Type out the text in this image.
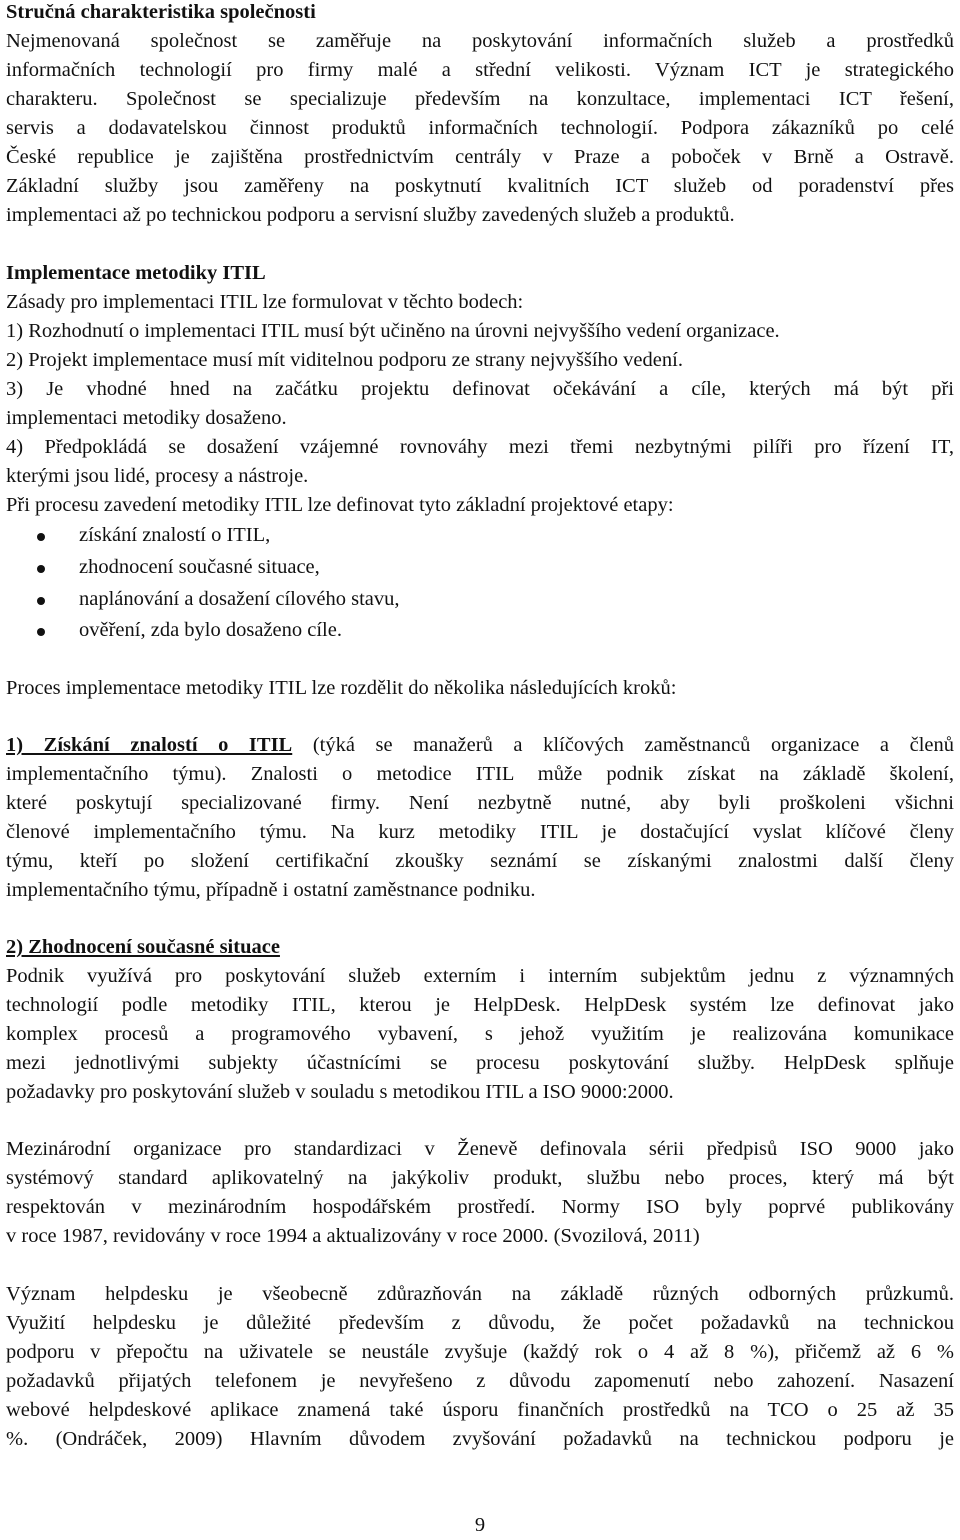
Stručná charakteristika společnosti
Nejmenovaná společnost se zaměřuje na poskytování informačních služeb a prostředků
informačních technologií pro firmy malé a střední velikosti. Význam ICT je strategického
charakteru. Společnost se specializuje především na konzultace, implementaci ICT řešení,
servis a dodavatelskou činnost produktů informačních technologií. Podpora zákazníků po celé
České republice je zajištěna prostřednictvím centrály v Praze a poboček v Brně a Ostravě.
Základní služby jsou zaměřeny na poskytnutí kvalitních ICT služeb od poradenství přes
implementaci až po technickou podporu a servisní služby zavedených služeb a produktů.
Implementace metodiky ITIL
Zásady pro implementaci ITIL lze formulovat v těchto bodech:
1) Rozhodnutí o implementaci ITIL musí být učiněno na úrovni nejvyššího vedení organizace.
2) Projekt implementace musí mít viditelnou podporu ze strany nejvyššího vedení.
3) Je vhodné hned na začátku projektu definovat očekávání a cíle, kterých má být při
implementaci metodiky dosaženo.
4) Předpokládá se dosažení vzájemné rovnováhy mezi třemi nezbytnými pilíři pro řízení IT,
kterými jsou lidé, procesy a nástroje.
Při procesu zavedení metodiky ITIL lze definovat tyto základní projektové etapy:
získání znalostí o ITIL,
zhodnocení současné situace,
naplánování a dosažení cílového stavu,
ověření, zda bylo dosaženo cíle.
Proces implementace metodiky ITIL lze rozdělit do několika následujících kroků:
1) Získání znalostí o ITIL (týká se manažerů a klíčových zaměstnanců organizace a členů
implementačního týmu). Znalosti o metodice ITIL může podnik získat na základě školení,
které poskytují specializované firmy. Není nezbytně nutné, aby byli proškoleni všichni
členové implementačního týmu. Na kurz metodiky ITIL je dostačující vyslat klíčové členy
týmu, kteří po složení certifikační zkoušky seznámí se získanými znalostmi další členy
implementačního týmu, případně i ostatní zaměstnance podniku.
2) Zhodnocení současné situace
Podnik využívá pro poskytování služeb externím i interním subjektům jednu z významných
technologií podle metodiky ITIL, kterou je HelpDesk. HelpDesk systém lze definovat jako
komplex procesů a programového vybavení, s jehož využitím je realizována komunikace
mezi jednotlivými subjekty účastnícími se procesu poskytování služby. HelpDesk splňuje
požadavky pro poskytování služeb v souladu s metodikou ITIL a ISO 9000:2000.
Mezinárodní organizace pro standardizaci v Ženevě definovala sérii předpisů ISO 9000 jako
systémový standard aplikovatelný na jakýkoliv produkt, službu nebo proces, který má být
respektován v mezinárodním hospodářském prostředí. Normy ISO byly poprvé publikovány
v roce 1987, revidovány v roce 1994 a aktualizovány v roce 2000. (Svozilová, 2011)
Význam helpdesku je všeobecně zdůrazňován na základě různých odborných průzkumů.
Využití helpdesku je důležité především z důvodu, že počet požadavků na technickou
podporu v přepočtu na uživatele se neustále zvyšuje (každý rok o 4 až 8 %), přičemž až 6 %
požadavků přijatých telefonem je nevyřešeno z důvodu zapomenutí nebo zahození. Nasazení
webové helpdeskové aplikace znamená také úsporu finančních prostředků na TCO o 25 až 35
%. (Ondráček, 2009) Hlavním důvodem zvyšování požadavků na technickou podporu je
9
